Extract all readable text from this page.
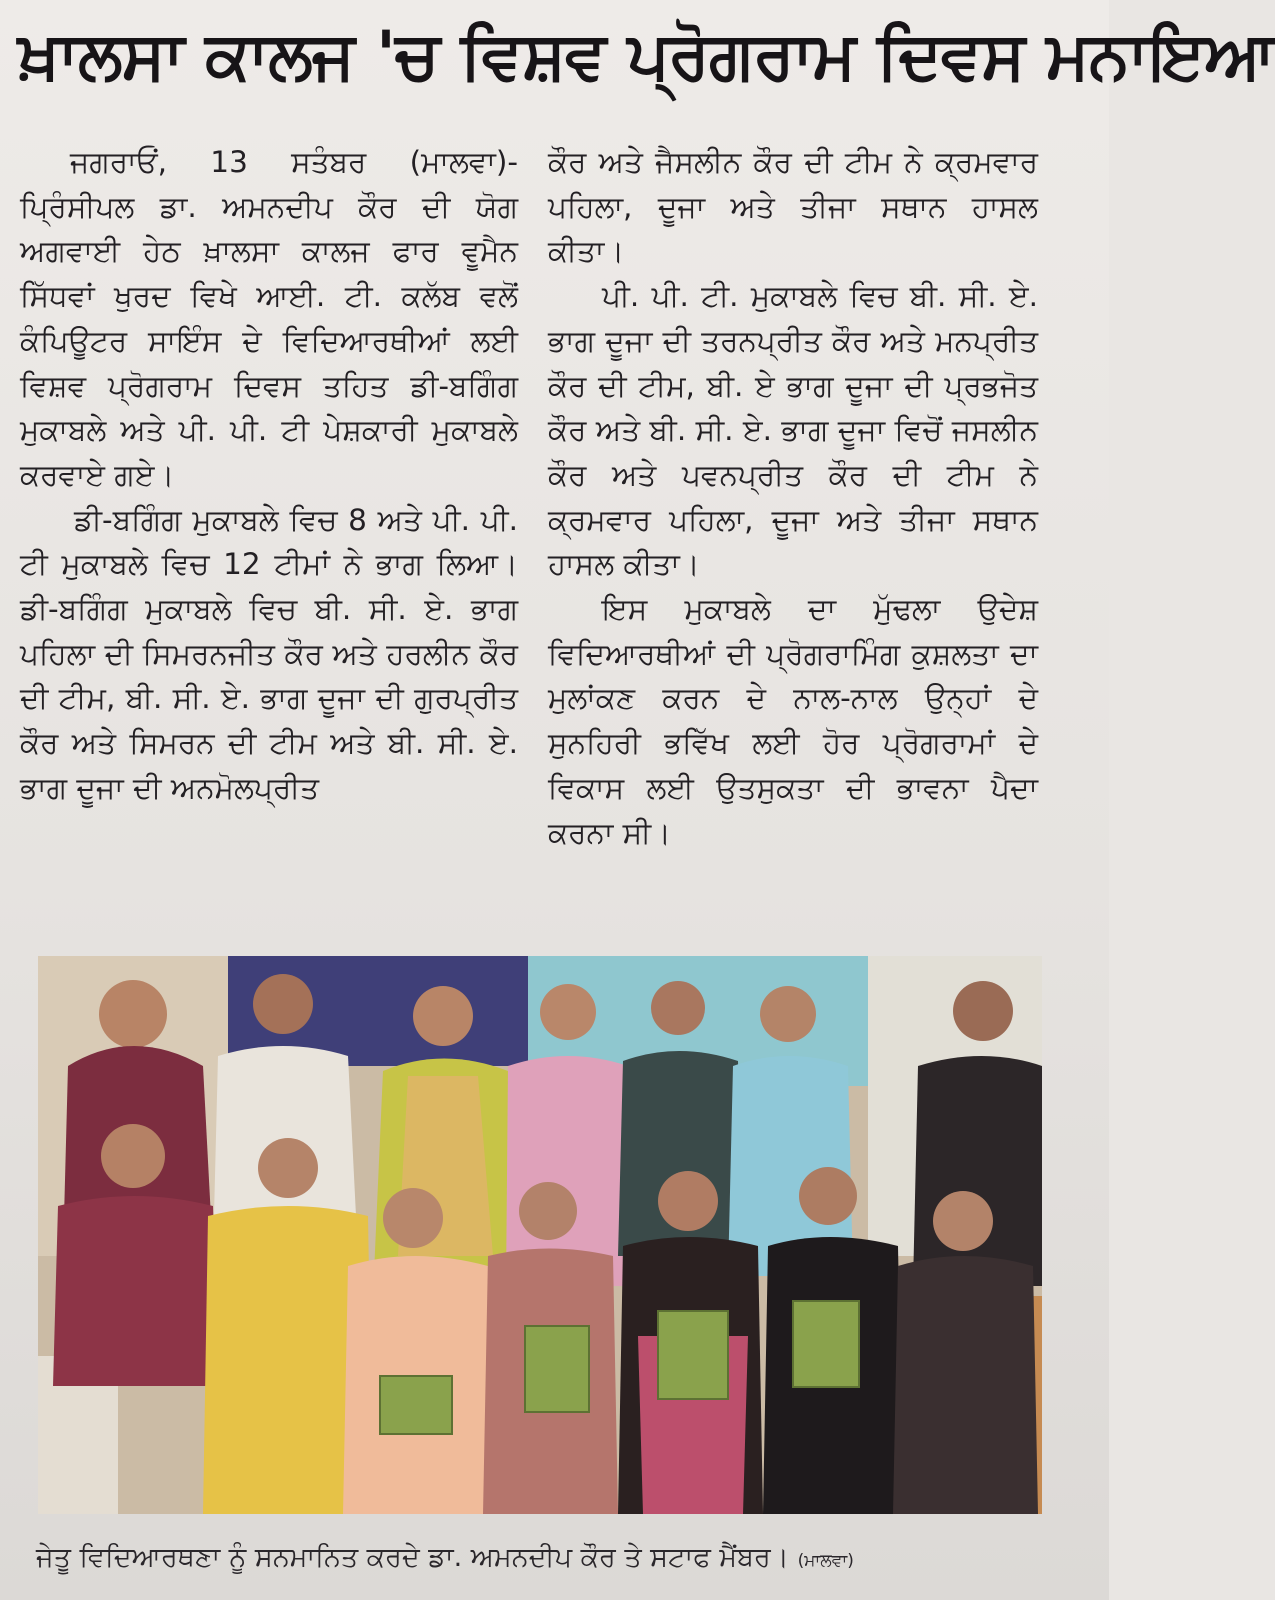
ਖ਼ਾਲਸਾ ਕਾਲਜ 'ਚ ਵਿਸ਼ਵ ਪ੍ਰੋਗਰਾਮ ਦਿਵਸ ਮਨਾਇਆ

ਜਗਰਾਓਂ, 13 ਸਤੰਬਰ (ਮਾਲਵਾ)-ਪ੍ਰਿੰਸੀਪਲ ਡਾ. ਅਮਨਦੀਪ ਕੌਰ ਦੀ ਯੋਗ ਅਗਵਾਈ ਹੇਠ ਖ਼ਾਲਸਾ ਕਾਲਜ ਫਾਰ ਵੂਮੈਨ ਸਿੱਧਵਾਂ ਖੁਰਦ ਵਿਖੇ ਆਈ. ਟੀ. ਕਲੱਬ ਵਲੋਂ ਕੰਪਿਊਟਰ ਸਾਇੰਸ ਦੇ ਵਿਦਿਆਰਥੀਆਂ ਲਈ ਵਿਸ਼ਵ ਪ੍ਰੋਗਰਾਮ ਦਿਵਸ ਤਹਿਤ ਡੀ-ਬਗਿੰਗ ਮੁਕਾਬਲੇ ਅਤੇ ਪੀ. ਪੀ. ਟੀ ਪੇਸ਼ਕਾਰੀ ਮੁਕਾਬਲੇ ਕਰਵਾਏ ਗਏ।

ਡੀ-ਬਗਿੰਗ ਮੁਕਾਬਲੇ ਵਿਚ 8 ਅਤੇ ਪੀ. ਪੀ. ਟੀ ਮੁਕਾਬਲੇ ਵਿਚ 12 ਟੀਮਾਂ ਨੇ ਭਾਗ ਲਿਆ। ਡੀ-ਬਗਿੰਗ ਮੁਕਾਬਲੇ ਵਿਚ ਬੀ. ਸੀ. ਏ. ਭਾਗ ਪਹਿਲਾ ਦੀ ਸਿਮਰਨਜੀਤ ਕੌਰ ਅਤੇ ਹਰਲੀਨ ਕੌਰ ਦੀ ਟੀਮ, ਬੀ. ਸੀ. ਏ. ਭਾਗ ਦੂਜਾ ਦੀ ਗੁਰਪ੍ਰੀਤ ਕੌਰ ਅਤੇ ਸਿਮਰਨ ਦੀ ਟੀਮ ਅਤੇ ਬੀ. ਸੀ. ਏ. ਭਾਗ ਦੂਜਾ ਦੀ ਅਨਮੋਲਪ੍ਰੀਤ

ਕੌਰ ਅਤੇ ਜੈਸਲੀਨ ਕੌਰ ਦੀ ਟੀਮ ਨੇ ਕ੍ਰਮਵਾਰ ਪਹਿਲਾ, ਦੂਜਾ ਅਤੇ ਤੀਜਾ ਸਥਾਨ ਹਾਸਲ ਕੀਤਾ।

ਪੀ. ਪੀ. ਟੀ. ਮੁਕਾਬਲੇ ਵਿਚ ਬੀ. ਸੀ. ਏ. ਭਾਗ ਦੂਜਾ ਦੀ ਤਰਨਪ੍ਰੀਤ ਕੌਰ ਅਤੇ ਮਨਪ੍ਰੀਤ ਕੌਰ ਦੀ ਟੀਮ, ਬੀ. ਏ ਭਾਗ ਦੂਜਾ ਦੀ ਪ੍ਰਭਜੋਤ ਕੌਰ ਅਤੇ ਬੀ. ਸੀ. ਏ. ਭਾਗ ਦੂਜਾ ਵਿਚੋਂ ਜਸਲੀਨ ਕੌਰ ਅਤੇ ਪਵਨਪ੍ਰੀਤ ਕੌਰ ਦੀ ਟੀਮ ਨੇ ਕ੍ਰਮਵਾਰ ਪਹਿਲਾ, ਦੂਜਾ ਅਤੇ ਤੀਜਾ ਸਥਾਨ ਹਾਸਲ ਕੀਤਾ।

ਇਸ ਮੁਕਾਬਲੇ ਦਾ ਮੁੱਢਲਾ ਉਦੇਸ਼ ਵਿਦਿਆਰਥੀਆਂ ਦੀ ਪ੍ਰੋਗਰਾਮਿੰਗ ਕੁਸ਼ਲਤਾ ਦਾ ਮੁਲਾਂਕਣ ਕਰਨ ਦੇ ਨਾਲ-ਨਾਲ ਉਨ੍ਹਾਂ ਦੇ ਸੁਨਹਿਰੀ ਭਵਿੱਖ ਲਈ ਹੋਰ ਪ੍ਰੋਗਰਾਮਾਂ ਦੇ ਵਿਕਾਸ ਲਈ ਉਤਸੁਕਤਾ ਦੀ ਭਾਵਨਾ ਪੈਦਾ ਕਰਨਾ ਸੀ।

ਜੇਤੂ ਵਿਦਿਆਰਥਣਾ ਨੂੰ ਸਨਮਾਨਿਤ ਕਰਦੇ ਡਾ. ਅਮਨਦੀਪ ਕੌਰ ਤੇ ਸਟਾਫ ਮੈਂਬਰ। (ਮਾਲਵਾ)
